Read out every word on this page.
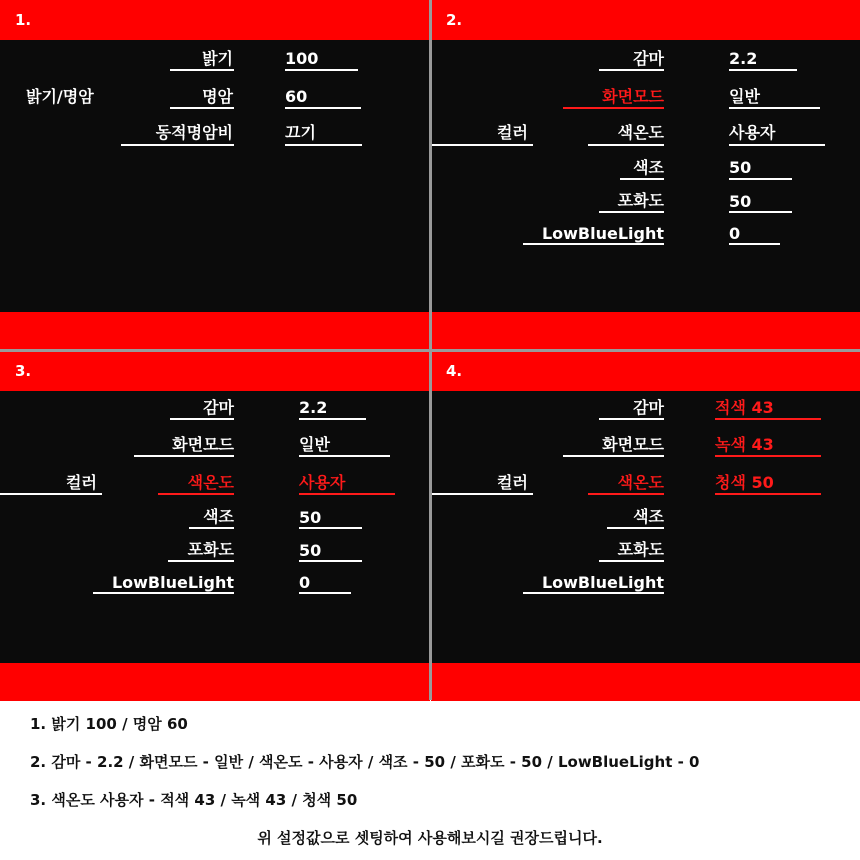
1.
밝기/명암
밝기	100
명암	60
동적명암비	끄기
2.
감마	2.2
화면모드	일반
컬러	색온도	사용자
색조	50
포화도	50
LowBlueLight	0
3.
감마	2.2
화면모드	일반
컬러	색온도	사용자
색조	50
포화도	50
LowBlueLight	0
4.
감마	적색 43
화면모드	녹색 43
컬러	색온도	청색 50
색조
포화도
LowBlueLight
1. 밝기 100 / 명암 60
2. 감마 - 2.2 / 화면모드 - 일반 / 색온도 - 사용자 / 색조 - 50 / 포화도 - 50 / LowBlueLight - 0
3. 색온도 사용자 - 적색 43 / 녹색 43 / 청색 50
위 설정값으로 셋팅하여 사용해보시길 권장드립니다.
